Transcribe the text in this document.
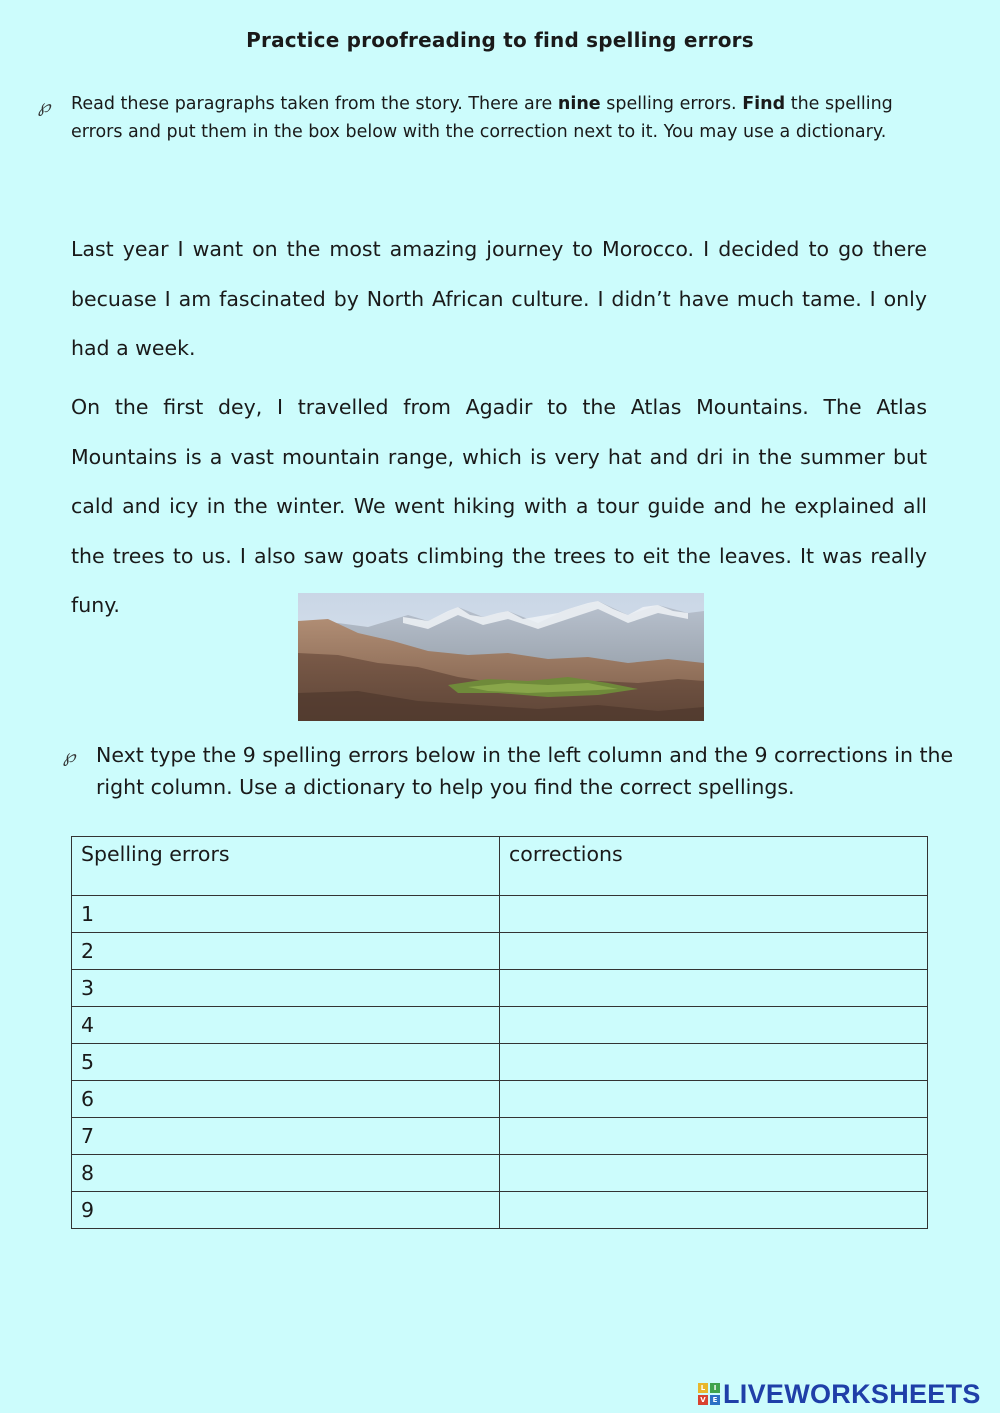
Practice proofreading to find spelling errors
℘ Read these paragraphs taken from the story. There are nine spelling errors. Find the spelling errors and put them in the box below with the correction next to it. You may use a dictionary.
Last year I want on the most amazing journey to Morocco. I decided to go there becuase I am fascinated by North African culture. I didn’t have much tame. I only had a week.
On the first dey, I travelled from Agadir to the Atlas Mountains. The Atlas Mountains is a vast mountain range, which is very hat and dri in the summer but cald and icy in the winter. We went hiking with a tour guide and he explained all the trees to us. I also saw goats climbing the trees to eit the leaves. It was really funy.
℘ Next type the 9 spelling errors below in the left column and the 9 corrections in the right column. Use a dictionary to help you find the correct spellings.
Spelling errors	corrections
1	
2	
3	
4	
5	
6	
7	
8	
9	
L	I
V E LIVEWORKSHEETS
